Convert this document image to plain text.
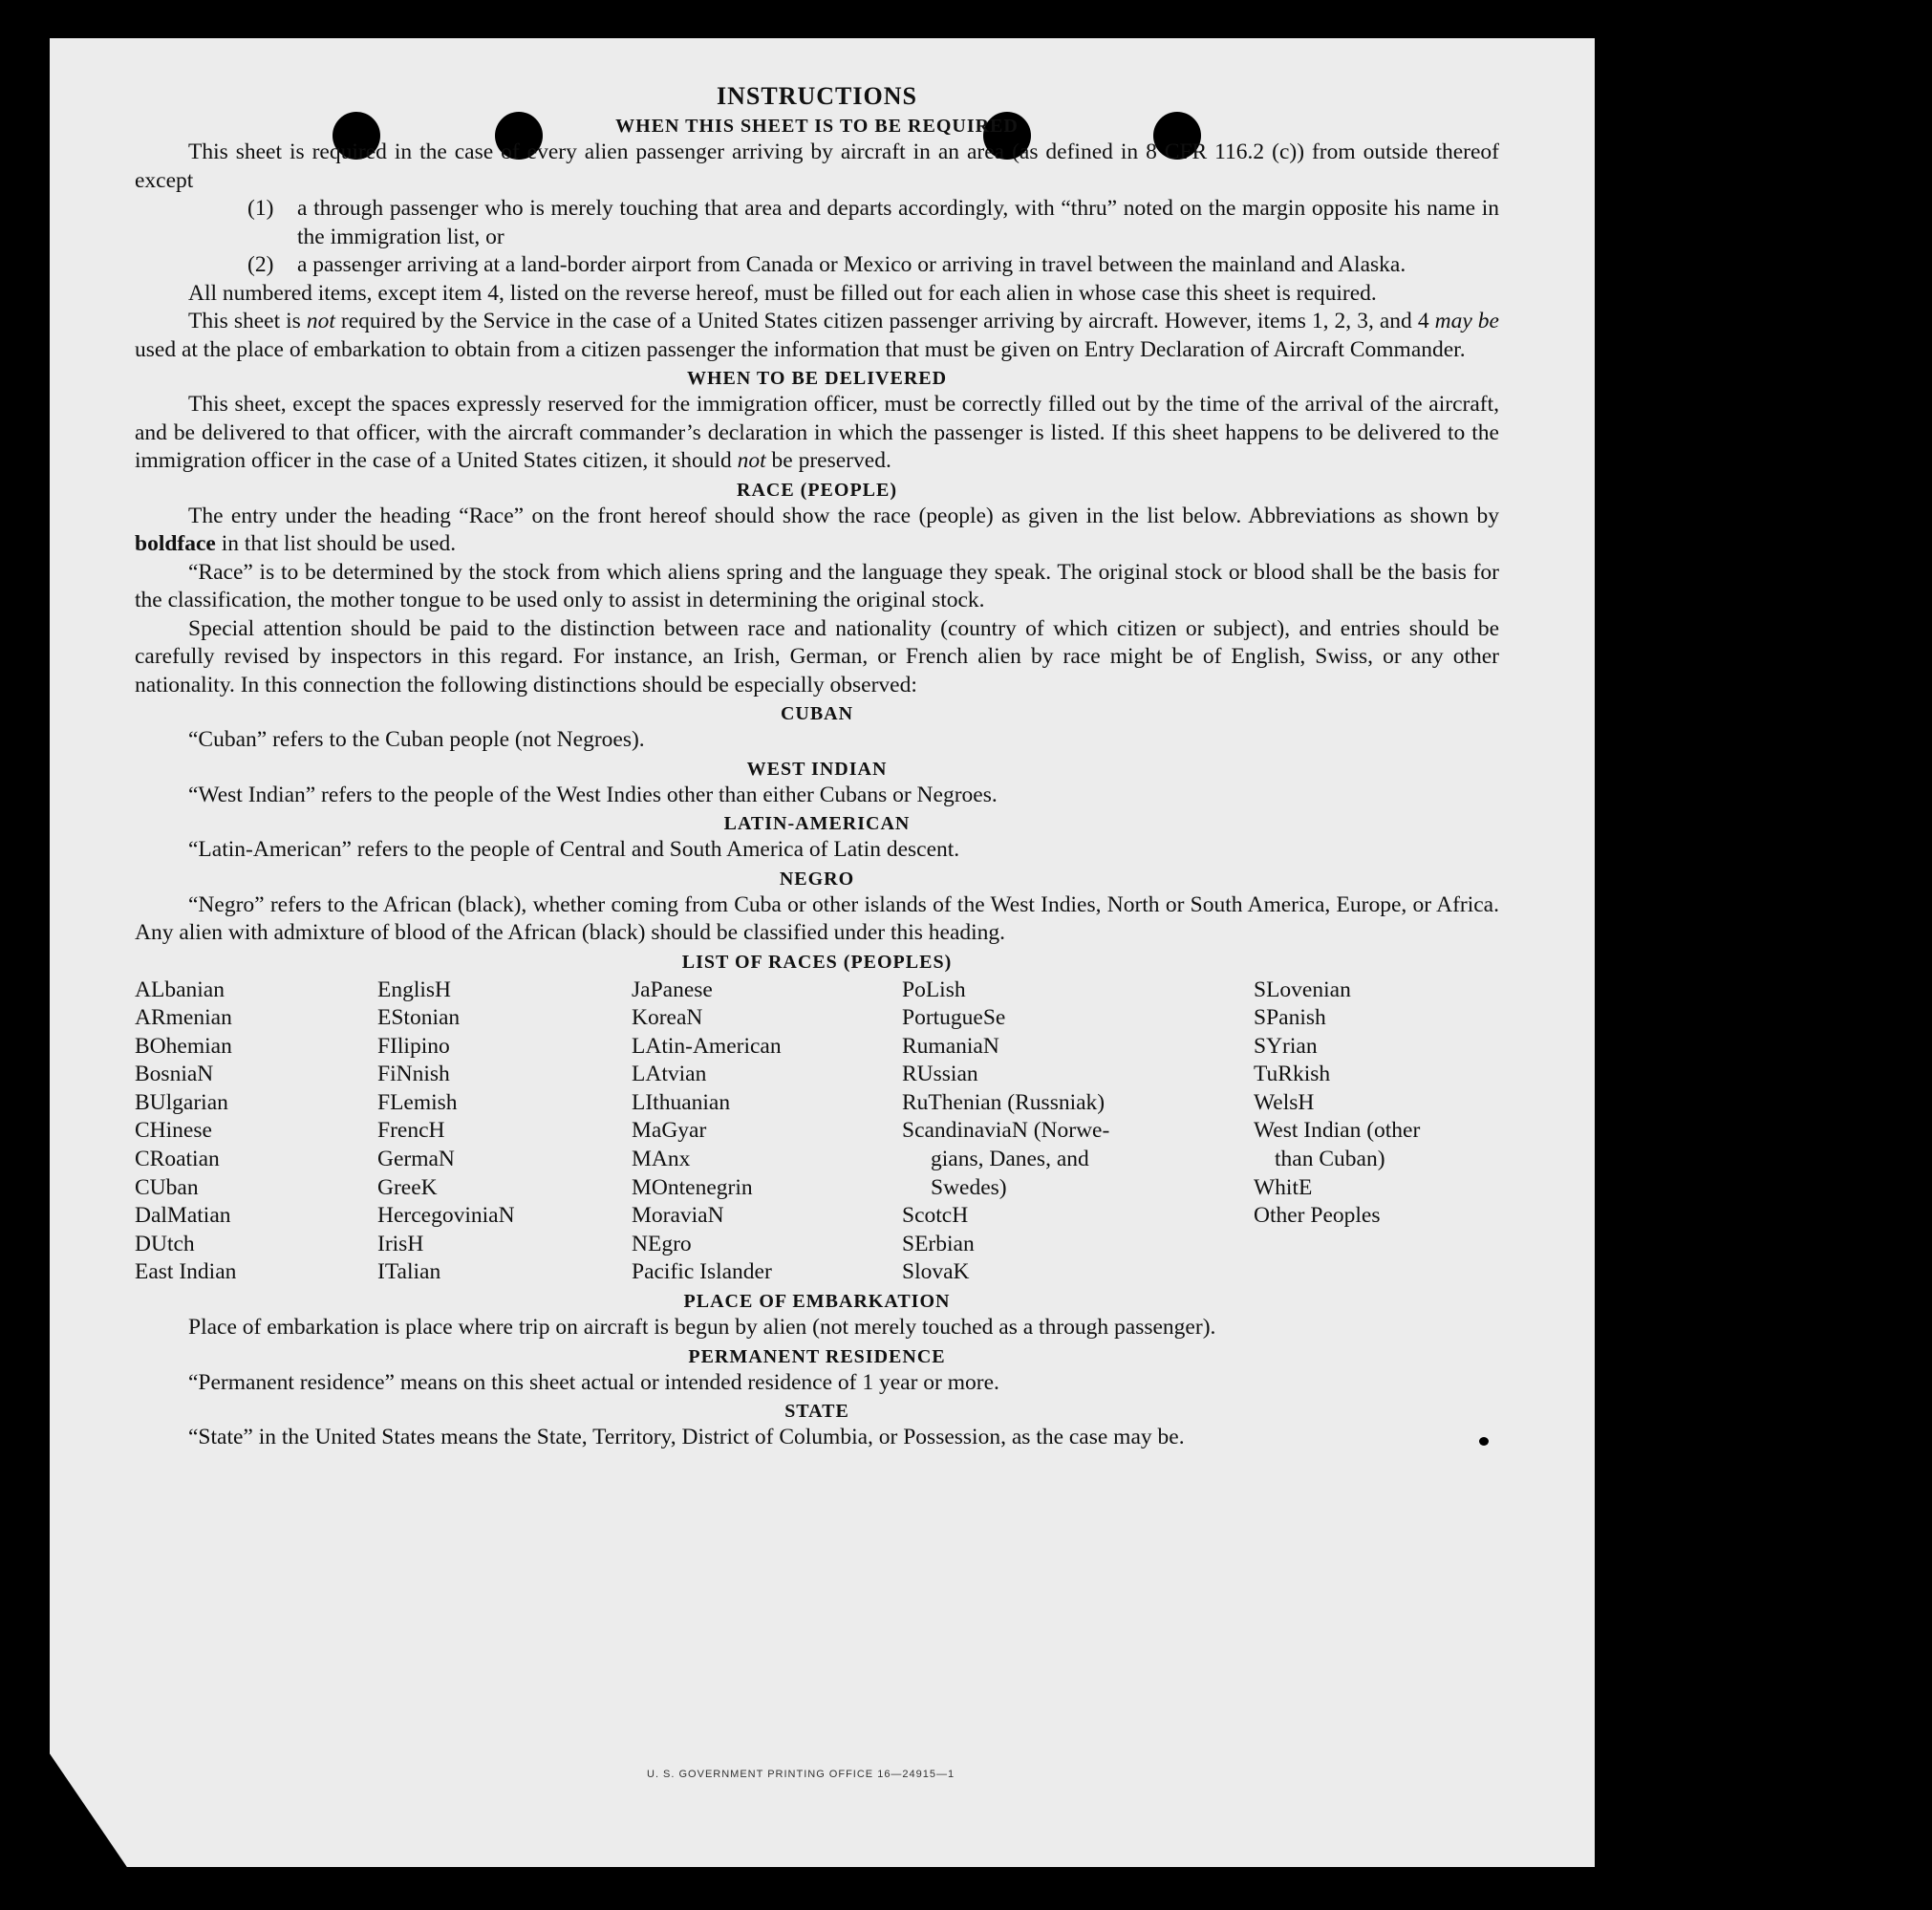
INSTRUCTIONS
WHEN THIS SHEET IS TO BE REQUIRED

This sheet is required in the case of every alien passenger arriving by aircraft in an area (as defined in 8 CFR 116.2 (c)) from outside thereof except

(1)	a through passenger who is merely touching that area and departs accordingly, with “thru” noted on the margin opposite his name in the immigration list, or
(2)	a passenger arriving at a land-border airport from Canada or Mexico or arriving in travel between the mainland and Alaska.

All numbered items, except item 4, listed on the reverse hereof, must be filled out for each alien in whose case this sheet is required.

This sheet is not required by the Service in the case of a United States citizen passenger arriving by aircraft. However, items 1, 2, 3, and 4 may be used at the place of embarkation to obtain from a citizen passenger the information that must be given on Entry Declaration of Aircraft Commander.

WHEN TO BE DELIVERED

This sheet, except the spaces expressly reserved for the immigration officer, must be correctly filled out by the time of the arrival of the aircraft, and be delivered to that officer, with the aircraft commander’s declaration in which the passenger is listed. If this sheet happens to be delivered to the immigration officer in the case of a United States citizen, it should not be preserved.

RACE (PEOPLE)

The entry under the heading “Race” on the front hereof should show the race (people) as given in the list below. Abbreviations as shown by boldface in that list should be used.

“Race” is to be determined by the stock from which aliens spring and the language they speak. The original stock or blood shall be the basis for the classification, the mother tongue to be used only to assist in determining the original stock.

Special attention should be paid to the distinction between race and nationality (country of which citizen or subject), and entries should be carefully revised by inspectors in this regard. For instance, an Irish, German, or French alien by race might be of English, Swiss, or any other nationality. In this connection the following distinctions should be especially observed:

CUBAN

“Cuban” refers to the Cuban people (not Negroes).

WEST INDIAN

“West Indian” refers to the people of the West Indies other than either Cubans or Negroes.

LATIN-AMERICAN

“Latin-American” refers to the people of Central and South America of Latin descent.

NEGRO

“Negro” refers to the African (black), whether coming from Cuba or other islands of the West Indies, North or South America, Europe, or Africa. Any alien with admixture of blood of the African (black) should be classified under this heading.

LIST OF RACES (PEOPLES)
ALbanian
ARmenian
BOhemian
BosniaN
BUlgarian
CHinese
CRoatian
CUban
DalMatian
DUtch
East Indian
EnglisH
EStonian
FIlipino
FiNnish
FLemish
FrencH
GermaN
GreeK
HercegoviniaN
IrisH
ITalian
JaPanese
KoreaN
LAtin-American
LAtvian
LIthuanian
MaGyar
MAnx
MOntenegrin
MoraviaN
NEgro
Pacific Islander
PoLish
PortugueSe
RumaniaN
RUssian
RuThenian (Russniak)
ScandinaviaN (Norwe-
gians, Danes, and
Swedes)
ScotcH
SErbian
SlovaK
SLovenian
SPanish
SYrian
TuRkish
WelsH
West Indian (other
than Cuban)
WhitE
Other Peoples
PLACE OF EMBARKATION

Place of embarkation is place where trip on aircraft is begun by alien (not merely touched as a through passenger).

PERMANENT RESIDENCE

“Permanent residence” means on this sheet actual or intended residence of 1 year or more.

STATE

“State” in the United States means the State, Territory, District of Columbia, or Possession, as the case may be.

U. S. GOVERNMENT PRINTING OFFICE 16—24915—1
